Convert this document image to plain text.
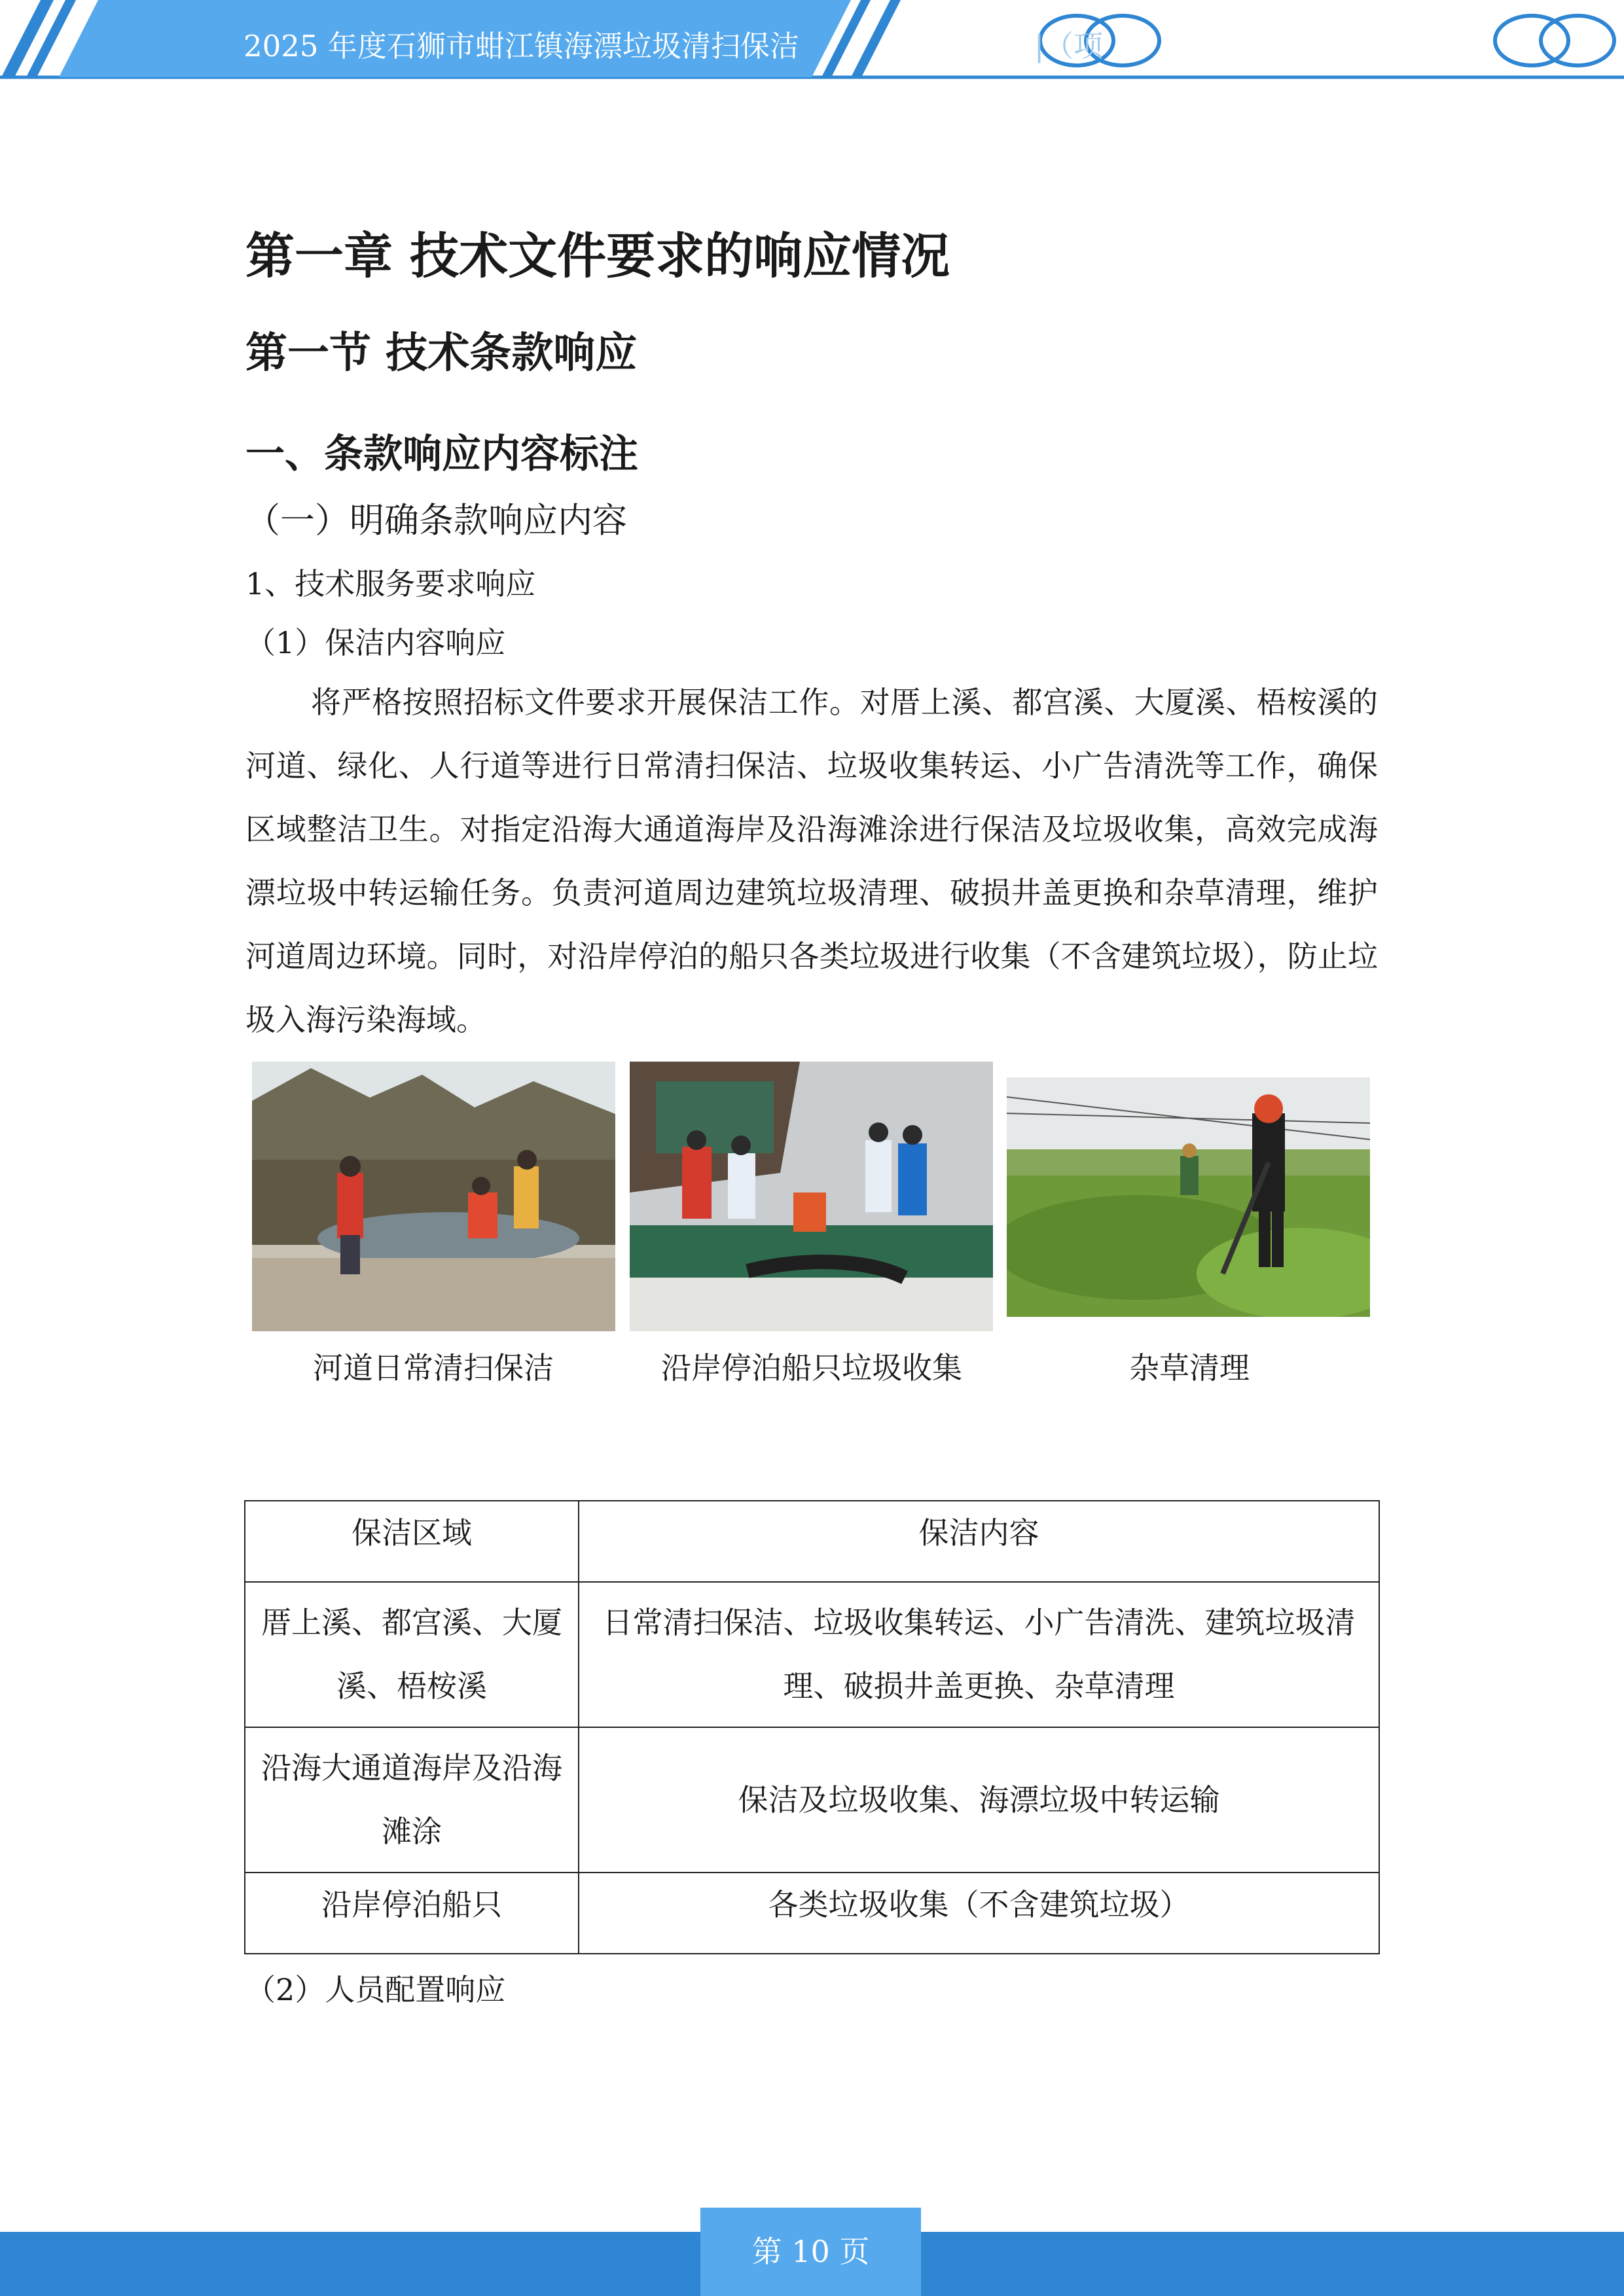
2025 年度石狮市蚶江镇海漂垃圾清扫保洁	|（项
第一章 技术文件要求的响应情况
第一节 技术条款响应
一、条款响应内容标注
（一）明确条款响应内容
1、技术服务要求响应
（1）保洁内容响应
将严格按照招标文件要求开展保洁工作。对厝上溪、都宫溪、大厦溪、梧桉溪的河道、绿化、人行道等进行日常清扫保洁、垃圾收集转运、小广告清洗等工作，确保区域整洁卫生。对指定沿海大通道海岸及沿海滩涂进行保洁及垃圾收集，高效完成海漂垃圾中转运输任务。负责河道周边建筑垃圾清理、破损井盖更换和杂草清理，维护河道周边环境。同时，对沿岸停泊的船只各类垃圾进行收集（不含建筑垃圾），防止垃圾入海污染海域。
河道日常清扫保洁	沿岸停泊船只垃圾收集	杂草清理
保洁区域	保洁内容
厝上溪、都宫溪、大厦溪、梧桉溪	日常清扫保洁、垃圾收集转运、小广告清洗、建筑垃圾清理、破损井盖更换、杂草清理
沿海大通道海岸及沿海滩涂	保洁及垃圾收集、海漂垃圾中转运输
沿岸停泊船只	各类垃圾收集（不含建筑垃圾）
（2）人员配置响应
第 10 页
